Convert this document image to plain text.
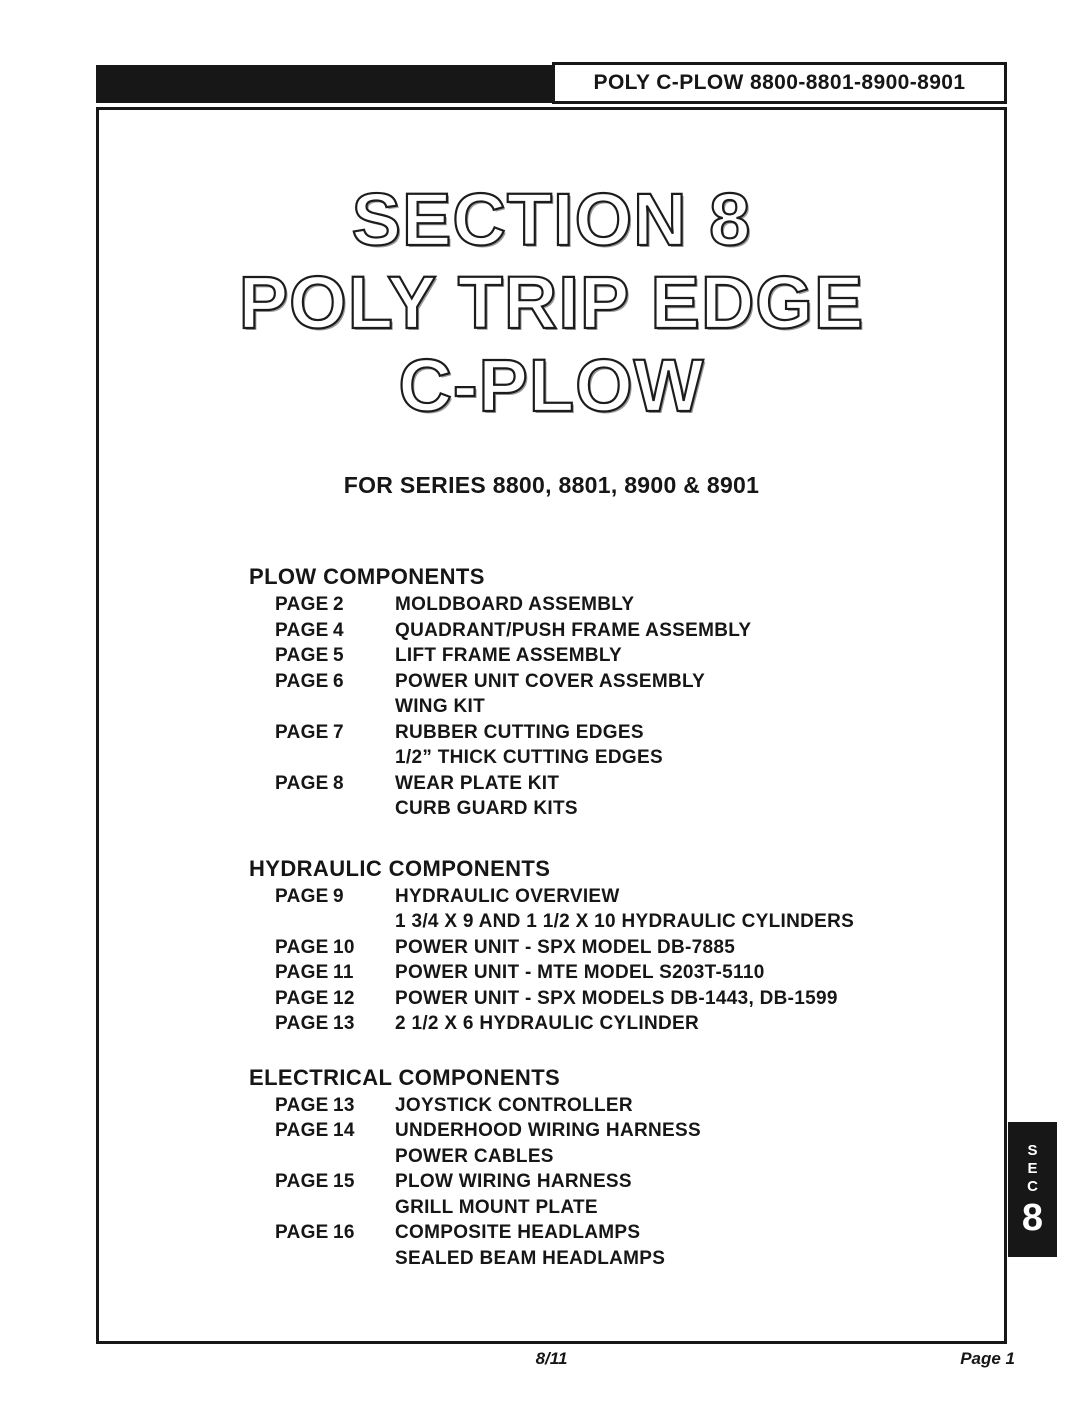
POLY C-PLOW 8800-8801-8900-8901
SECTION 8
POLY TRIP EDGE
C-PLOW
FOR SERIES 8800, 8801, 8900 & 8901
PLOW COMPONENTS
PAGE 2	MOLDBOARD ASSEMBLY
PAGE 4	QUADRANT/PUSH FRAME ASSEMBLY
PAGE 5	LIFT FRAME ASSEMBLY
PAGE 6	POWER UNIT COVER ASSEMBLY
WING KIT
PAGE 7	RUBBER CUTTING EDGES
1/2” THICK CUTTING EDGES
PAGE 8	WEAR PLATE KIT
CURB GUARD KITS
HYDRAULIC COMPONENTS
PAGE 9	HYDRAULIC OVERVIEW
1 3/4 X 9 AND 1 1/2 X 10 HYDRAULIC CYLINDERS
PAGE 10	POWER UNIT - SPX MODEL DB-7885
PAGE 11	POWER UNIT - MTE MODEL S203T-5110
PAGE 12	POWER UNIT - SPX MODELS DB-1443, DB-1599
PAGE 13	2 1/2 X 6 HYDRAULIC CYLINDER
ELECTRICAL COMPONENTS
PAGE 13	JOYSTICK CONTROLLER
PAGE 14	UNDERHOOD WIRING HARNESS
POWER CABLES
PAGE 15	PLOW WIRING HARNESS
GRILL MOUNT PLATE
PAGE 16	COMPOSITE HEADLAMPS
SEALED BEAM HEADLAMPS
S
E
C
8
8/11	Page 1
